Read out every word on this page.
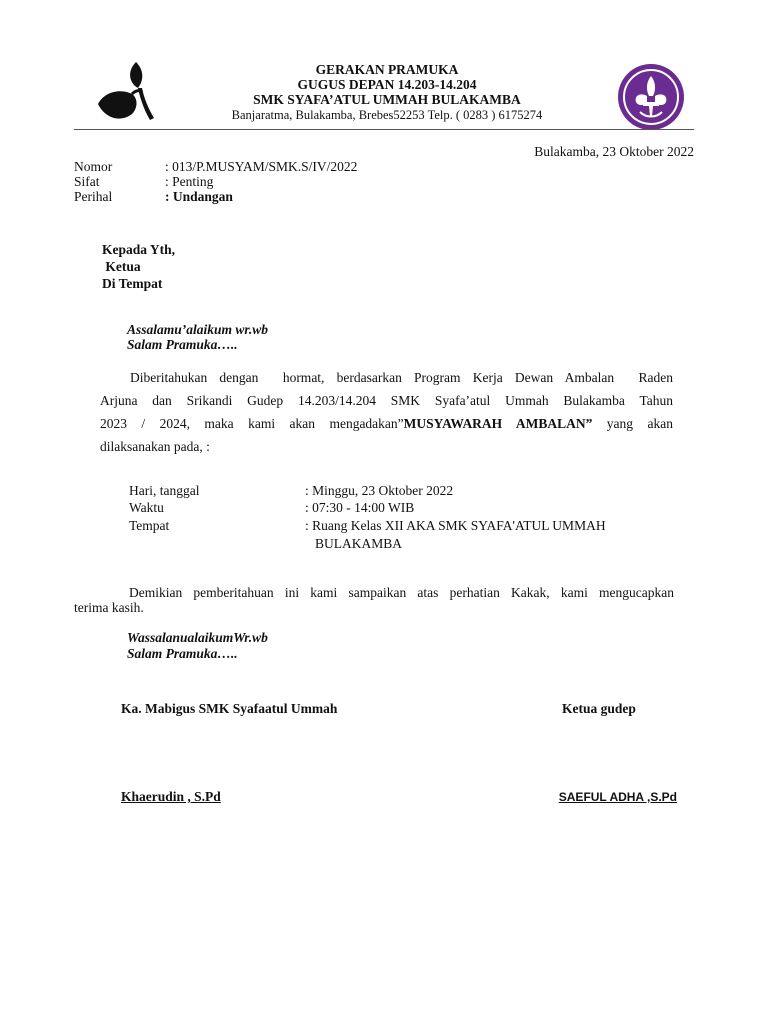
GERAKAN PRAMUKA
GUGUS DEPAN 14.203-14.204
SMK SYAFA’ATUL UMMAH BULAKAMBA
Banjaratma, Bulakamba, Brebes52253 Telp. ( 0283 ) 6175274
Bulakamba, 23 Oktober 2022
Nomor	: 013/P.MUSYAM/SMK.S/IV/2022
Sifat	: Penting
Perihal	: Undangan
Kepada Yth,
Ketua
Di Tempat
Assalamu’alaikum wr.wb
Salam Pramuka…..
Diberitahukan dengan  hormat, berdasarkan Program Kerja Dewan Ambalan  Raden
Arjuna dan Srikandi Gudep 14.203/14.204 SMK Syafa’atul Ummah Bulakamba Tahun
2023 / 2024, maka kami akan mengadakan”MUSYAWARAH AMBALAN” yang akan
dilaksanakan pada, :
Hari, tanggal	: Minggu, 23 Oktober 2022
Waktu	: 07:30 - 14:00 WIB
Tempat	: Ruang Kelas XII AKA SMK SYAFA'ATUL UMMAH
BULAKAMBA
Demikian pemberitahuan ini kami sampaikan atas perhatian Kakak, kami mengucapkan
terima kasih.
WassalanualaikumWr.wb
Salam Pramuka…..
Ka. Mabigus SMK Syafaatul Ummah	Ketua gudep
Khaerudin , S.Pd	SAEFUL ADHA ,S.Pd
